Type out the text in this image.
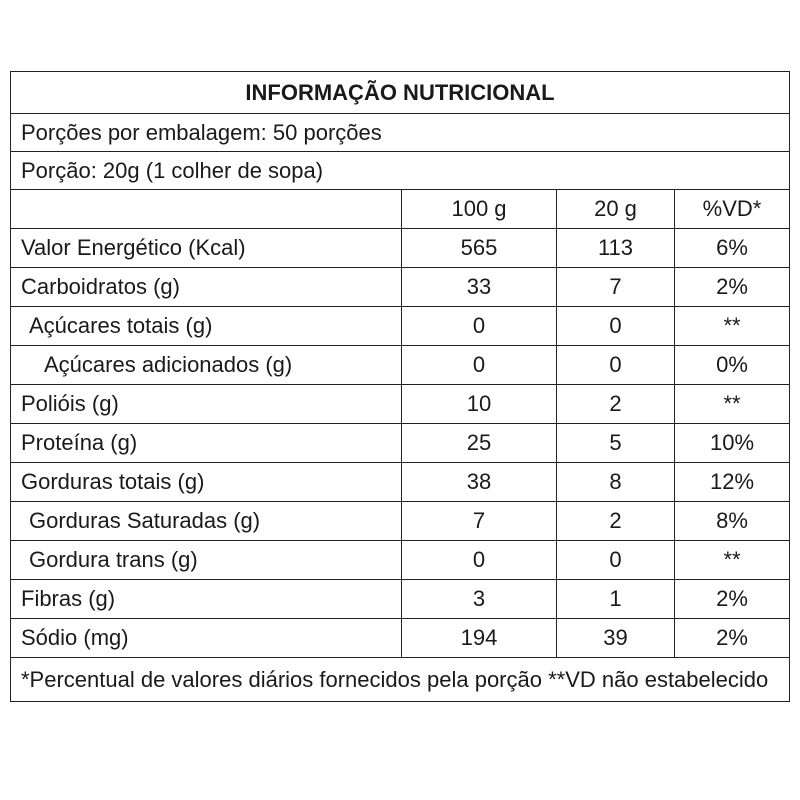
INFORMAÇÃO NUTRICIONAL			
Porções por embalagem: 50 porções			
Porção: 20g (1 colher de sopa)			
	100 g	20 g	%VD*
Valor Energético (Kcal)	565	113	6%
Carboidratos (g)	33	7	2%
Açúcares totais (g)	0	0	**
Açúcares adicionados (g)	0	0	0%
Polióis (g)	10	2	**
Proteína (g)	25	5	10%
Gorduras totais (g)	38	8	12%
Gorduras Saturadas (g)	7	2	8%
Gordura trans (g)	0	0	**
Fibras (g)	3	1	2%
Sódio (mg)	194	39	2%
*Percentual de valores diários fornecidos pela porção **VD não estabelecido			
